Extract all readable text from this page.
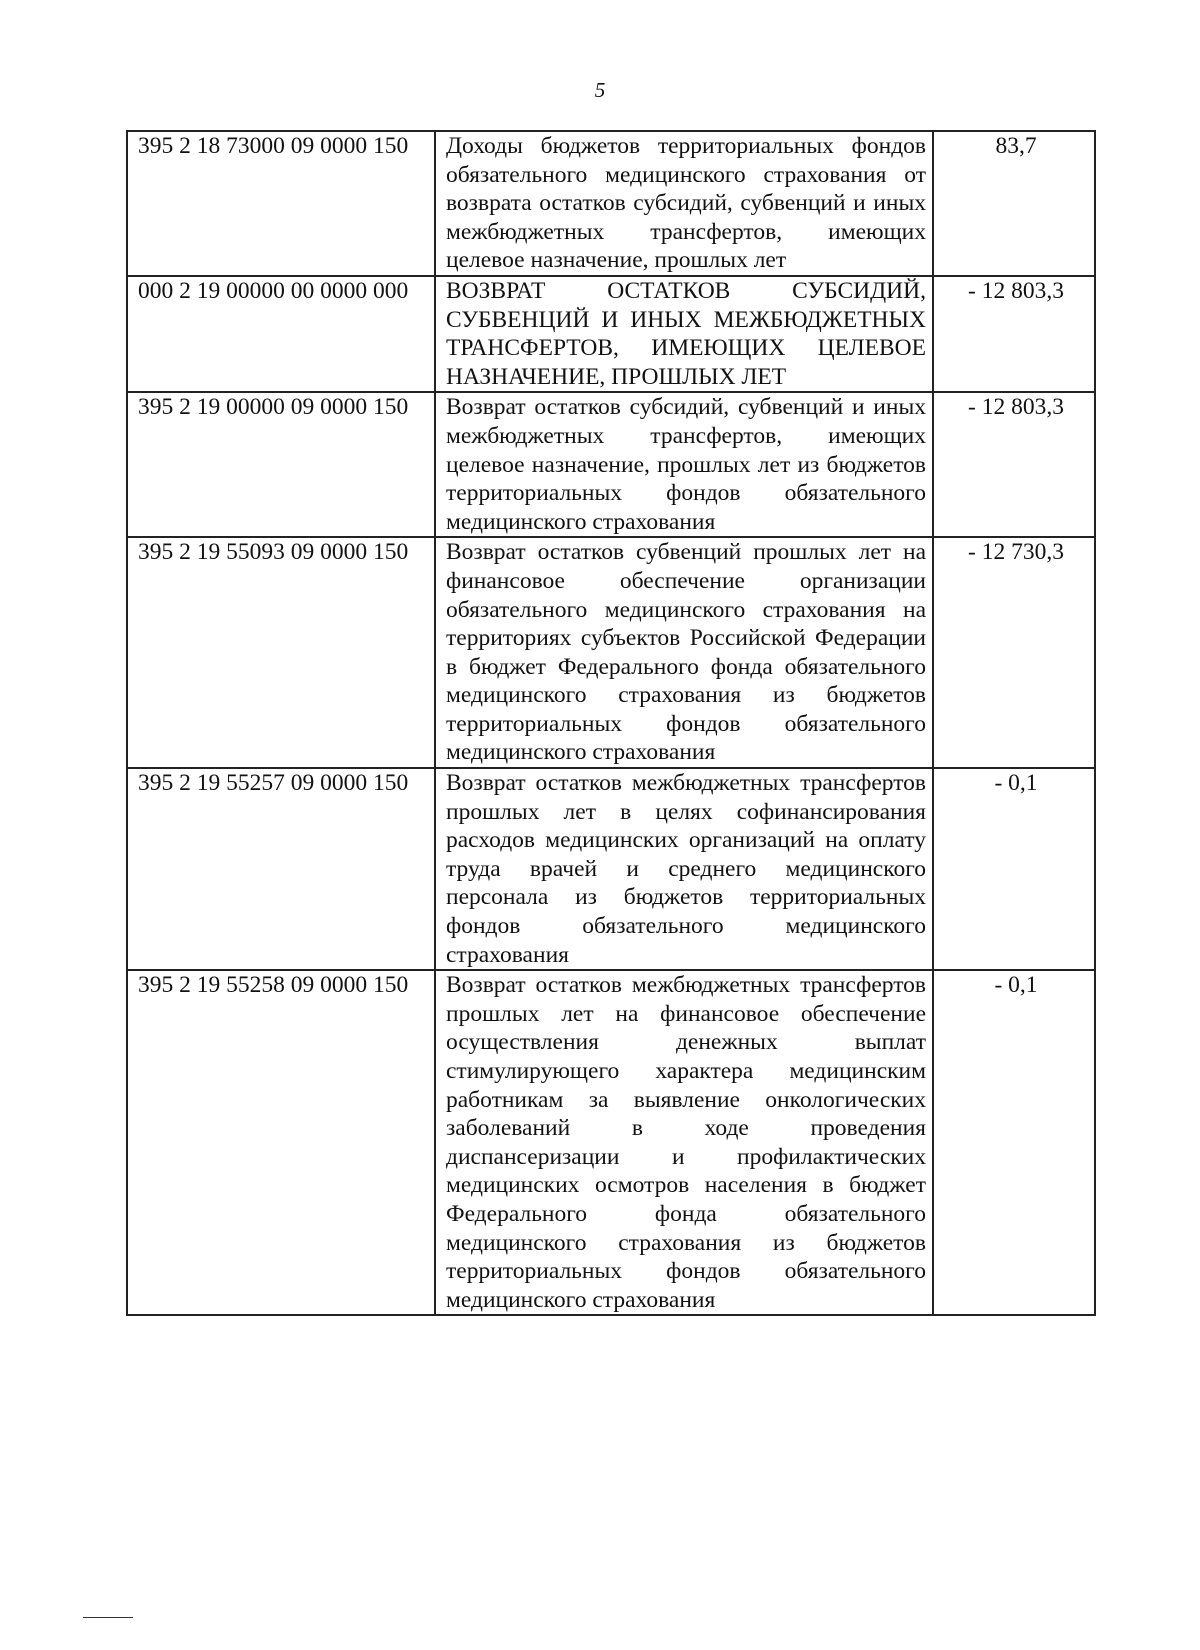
5
395 2 18 73000 09 0000 150	Доходы бюджетов территориальных фондов обязательного медицинского страхования от возврата остатков субсидий, субвенций и иных межбюджетных трансфертов, имеющих целевое назначение, прошлых лет	83,7
000 2 19 00000 00 0000 000	ВОЗВРАТ ОСТАТКОВ СУБСИДИЙ, СУБВЕНЦИЙ И ИНЫХ МЕЖБЮДЖЕТНЫХ ТРАНСФЕРТОВ, ИМЕЮЩИХ ЦЕЛЕВОЕ НАЗНАЧЕНИЕ, ПРОШЛЫХ ЛЕТ	- 12 803,3
395 2 19 00000 09 0000 150	Возврат остатков субсидий, субвенций и иных межбюджетных трансфертов, имеющих целевое назначение, прошлых лет из бюджетов территориальных фондов обязательного медицинского страхования	- 12 803,3
395 2 19 55093 09 0000 150	Возврат остатков субвенций прошлых лет на финансовое обеспечение организации обязательного медицинского страхования на территориях субъектов Российской Федерации в бюджет Федерального фонда обязательного медицинского страхования из бюджетов территориальных фондов обязательного медицинского страхования	- 12 730,3
395 2 19 55257 09 0000 150	Возврат остатков межбюджетных трансфертов прошлых лет в целях софинансирования расходов медицинских организаций на оплату труда врачей и среднего медицинского персонала из бюджетов территориальных фондов обязательного медицинского страхования	- 0,1
395 2 19 55258 09 0000 150	Возврат остатков межбюджетных трансфертов прошлых лет на финансовое обеспечение осуществления денежных выплат стимулирующего характера медицинским работникам за выявление онкологических заболеваний в ходе проведения диспансеризации и профилактических медицинских осмотров населения в бюджет Федерального фонда обязательного медицинского страхования из бюджетов территориальных фондов обязательного медицинского страхования	- 0,1
